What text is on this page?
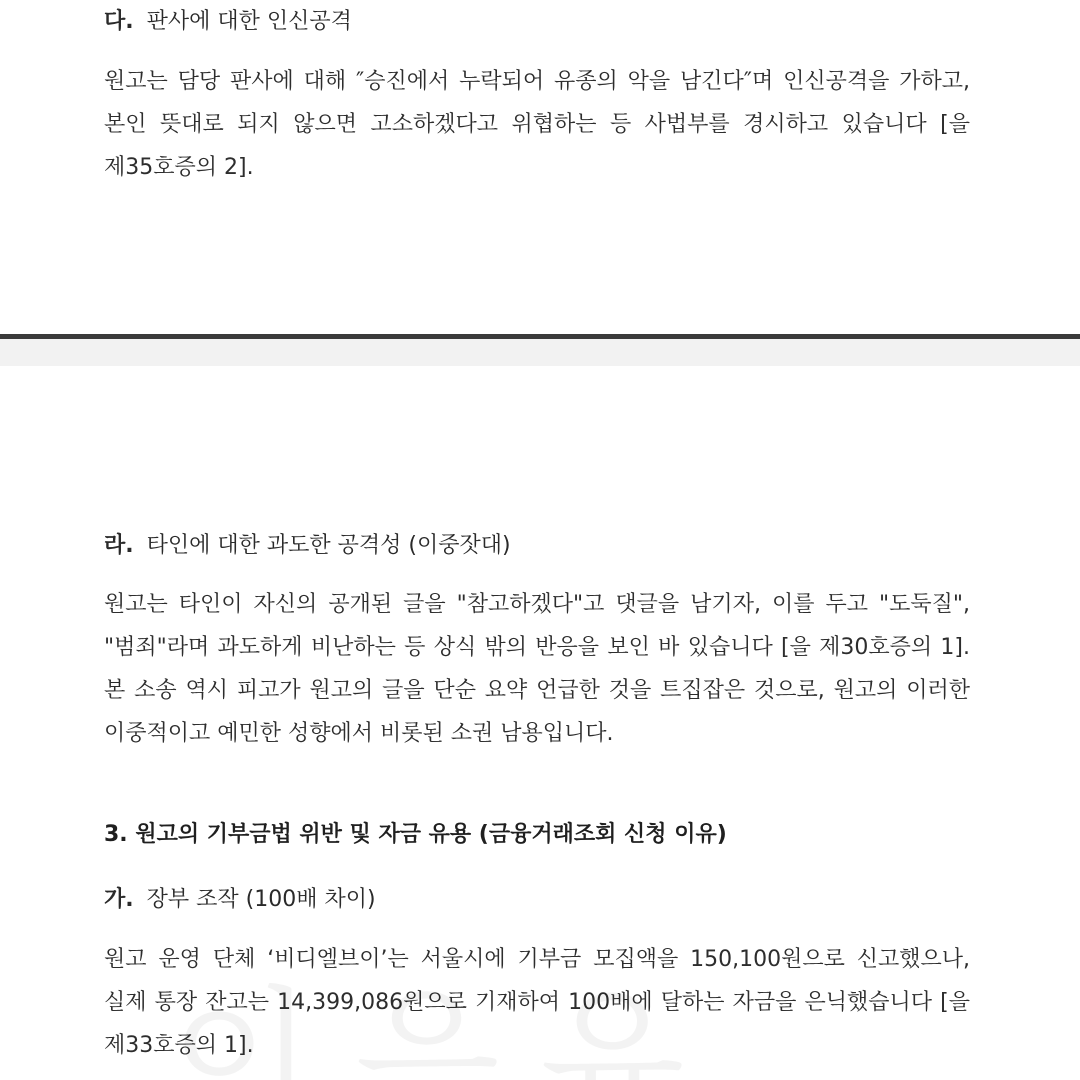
다. 판사에 대한 인신공격
원고는 담당 판사에 대해 ″승진에서 누락되어 유종의 악을 남긴다″며 인신공격을 가하고, 본인 뜻대로 되지 않으면 고소하겠다고 위협하는 등 사법부를 경시하고 있습니다 [을 제35호증의 2].
라. 타인에 대한 과도한 공격성 (이중잣대)
원고는 타인이 자신의 공개된 글을 "참고하겠다"고 댓글을 남기자, 이를 두고 "도둑질", "범죄"라며 과도하게 비난하는 등 상식 밖의 반응을 보인 바 있습니다 [을 제30호증의 1]. 본 소송 역시 피고가 원고의 글을 단순 요약 언급한 것을 트집잡은 것으로, 원고의 이러한 이중적이고 예민한 성향에서 비롯된 소권 남용입니다.
3. 원고의 기부금법 위반 및 자금 유용 (금융거래조회 신청 이유)
가. 장부 조작 (100배 차이)
원고 운영 단체 ‘비디엘브이’는 서울시에 기부금 모집액을 150,100원으로 신고했으나, 실제 통장 잔고는 14,399,086원으로 기재하여 100배에 달하는 자금을 은닉했습니다 [을 제33호증의 1].
